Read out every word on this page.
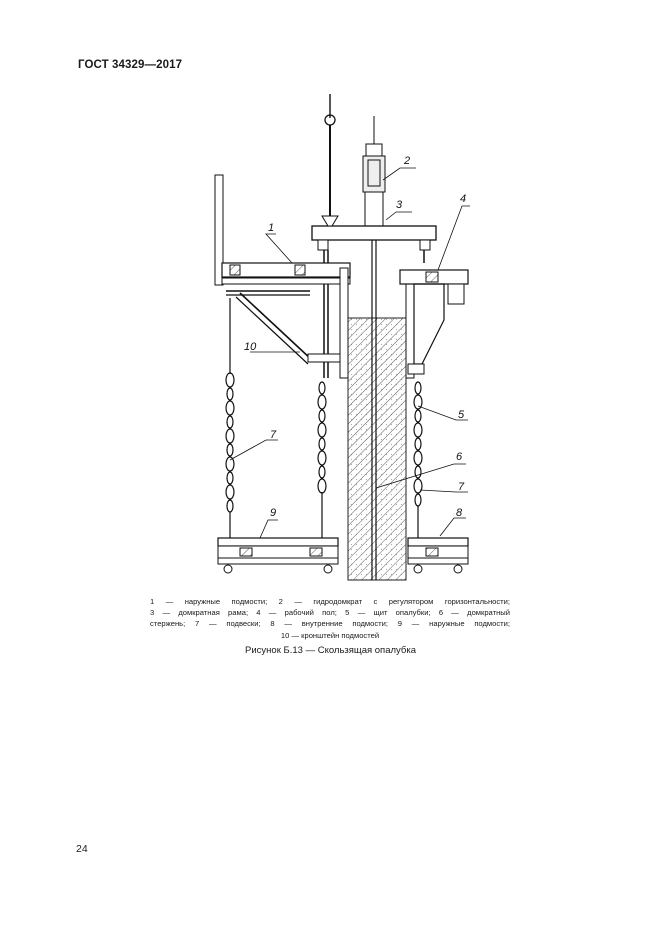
ГОСТ 34329—2017
2
3	4
1
5
6
7
7
8
9
10
1 — наружные подмости; 2 — гидродомкрат с регулятором горизонтальности;
3 — домкратная рама; 4 — рабочий пол; 5 — щит опалубки; 6 — домкратный
стержень; 7 — подвески; 8 — внутренние подмости; 9 — наружные подмости;
10 — кронштейн подмостей
Рисунок Б.13 — Скользящая опалубка
24
